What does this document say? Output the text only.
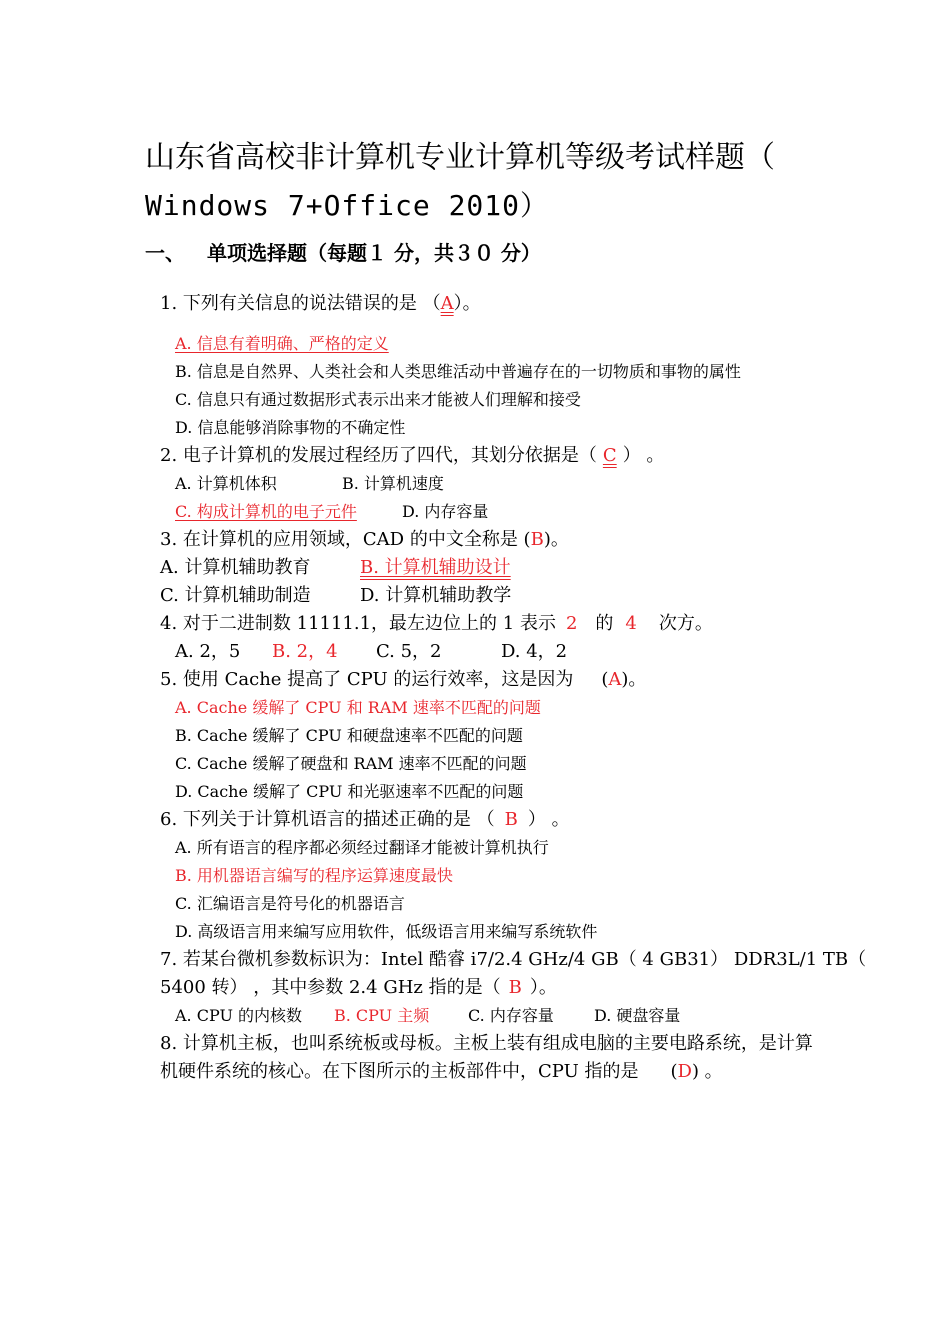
山东省高校非计算机专业计算机等级考试样题（
Windows 7+Office 2010）
一、 单项选择题（每题１ 分，共３０ 分）
1. 下列有关信息的说法错误的是 （A）。
A. 信息有着明确、严格的定义
B. 信息是自然界、人类社会和人类思维活动中普遍存在的一切物质和事物的属性
C. 信息只有通过数据形式表示出来才能被人们理解和接受
D. 信息能够消除事物的不确定性
2. 电子计算机的发展过程经历了四代，其划分依据是（ C ） 。
A. 计算机体积	B. 计算机速度
C. 构成计算机的电子元件	D. 内存容量
3. 在计算机的应用领域，CAD 的中文全称是 (B)。
A. 计算机辅助教育	B. 计算机辅助设计
C. 计算机辅助制造	D. 计算机辅助教学
4. 对于二进制数 11111.1，最左边位上的 1 表示 2 的 4 次方。
A. 2，5 B. 2，4 C. 5，2	D. 4，2
5. 使用 Cache 提高了 CPU 的运行效率，这是因为 (A)。
A. Cache 缓解了 CPU 和 RAM 速率不匹配的问题
B. Cache 缓解了 CPU 和硬盘速率不匹配的问题
C. Cache 缓解了硬盘和 RAM 速率不匹配的问题
D. Cache 缓解了 CPU 和光驱速率不匹配的问题
6. 下列关于计算机语言的描述正确的是 （ B ） 。
A. 所有语言的程序都必须经过翻译才能被计算机执行
B. 用机器语言编写的程序运算速度最快
C. 汇编语言是符号化的机器语言
D. 高级语言用来编写应用软件，低级语言用来编写系统软件
7. 若某台微机参数标识为：Intel 酷睿 i7/2.4 GHz/4 GB（ 4 GB31） DDR3L/1 TB（
5400 转） ，其中参数 2.4 GHz 指的是（ B ）。
A. CPU 的内核数 B. CPU 主频 C. 内存容量	D. 硬盘容量
8. 计算机主板，也叫系统板或母板。主板上装有组成电脑的主要电路系统，是计算
机硬件系统的核心。在下图所示的主板部件中，CPU 指的是 (D) 。
